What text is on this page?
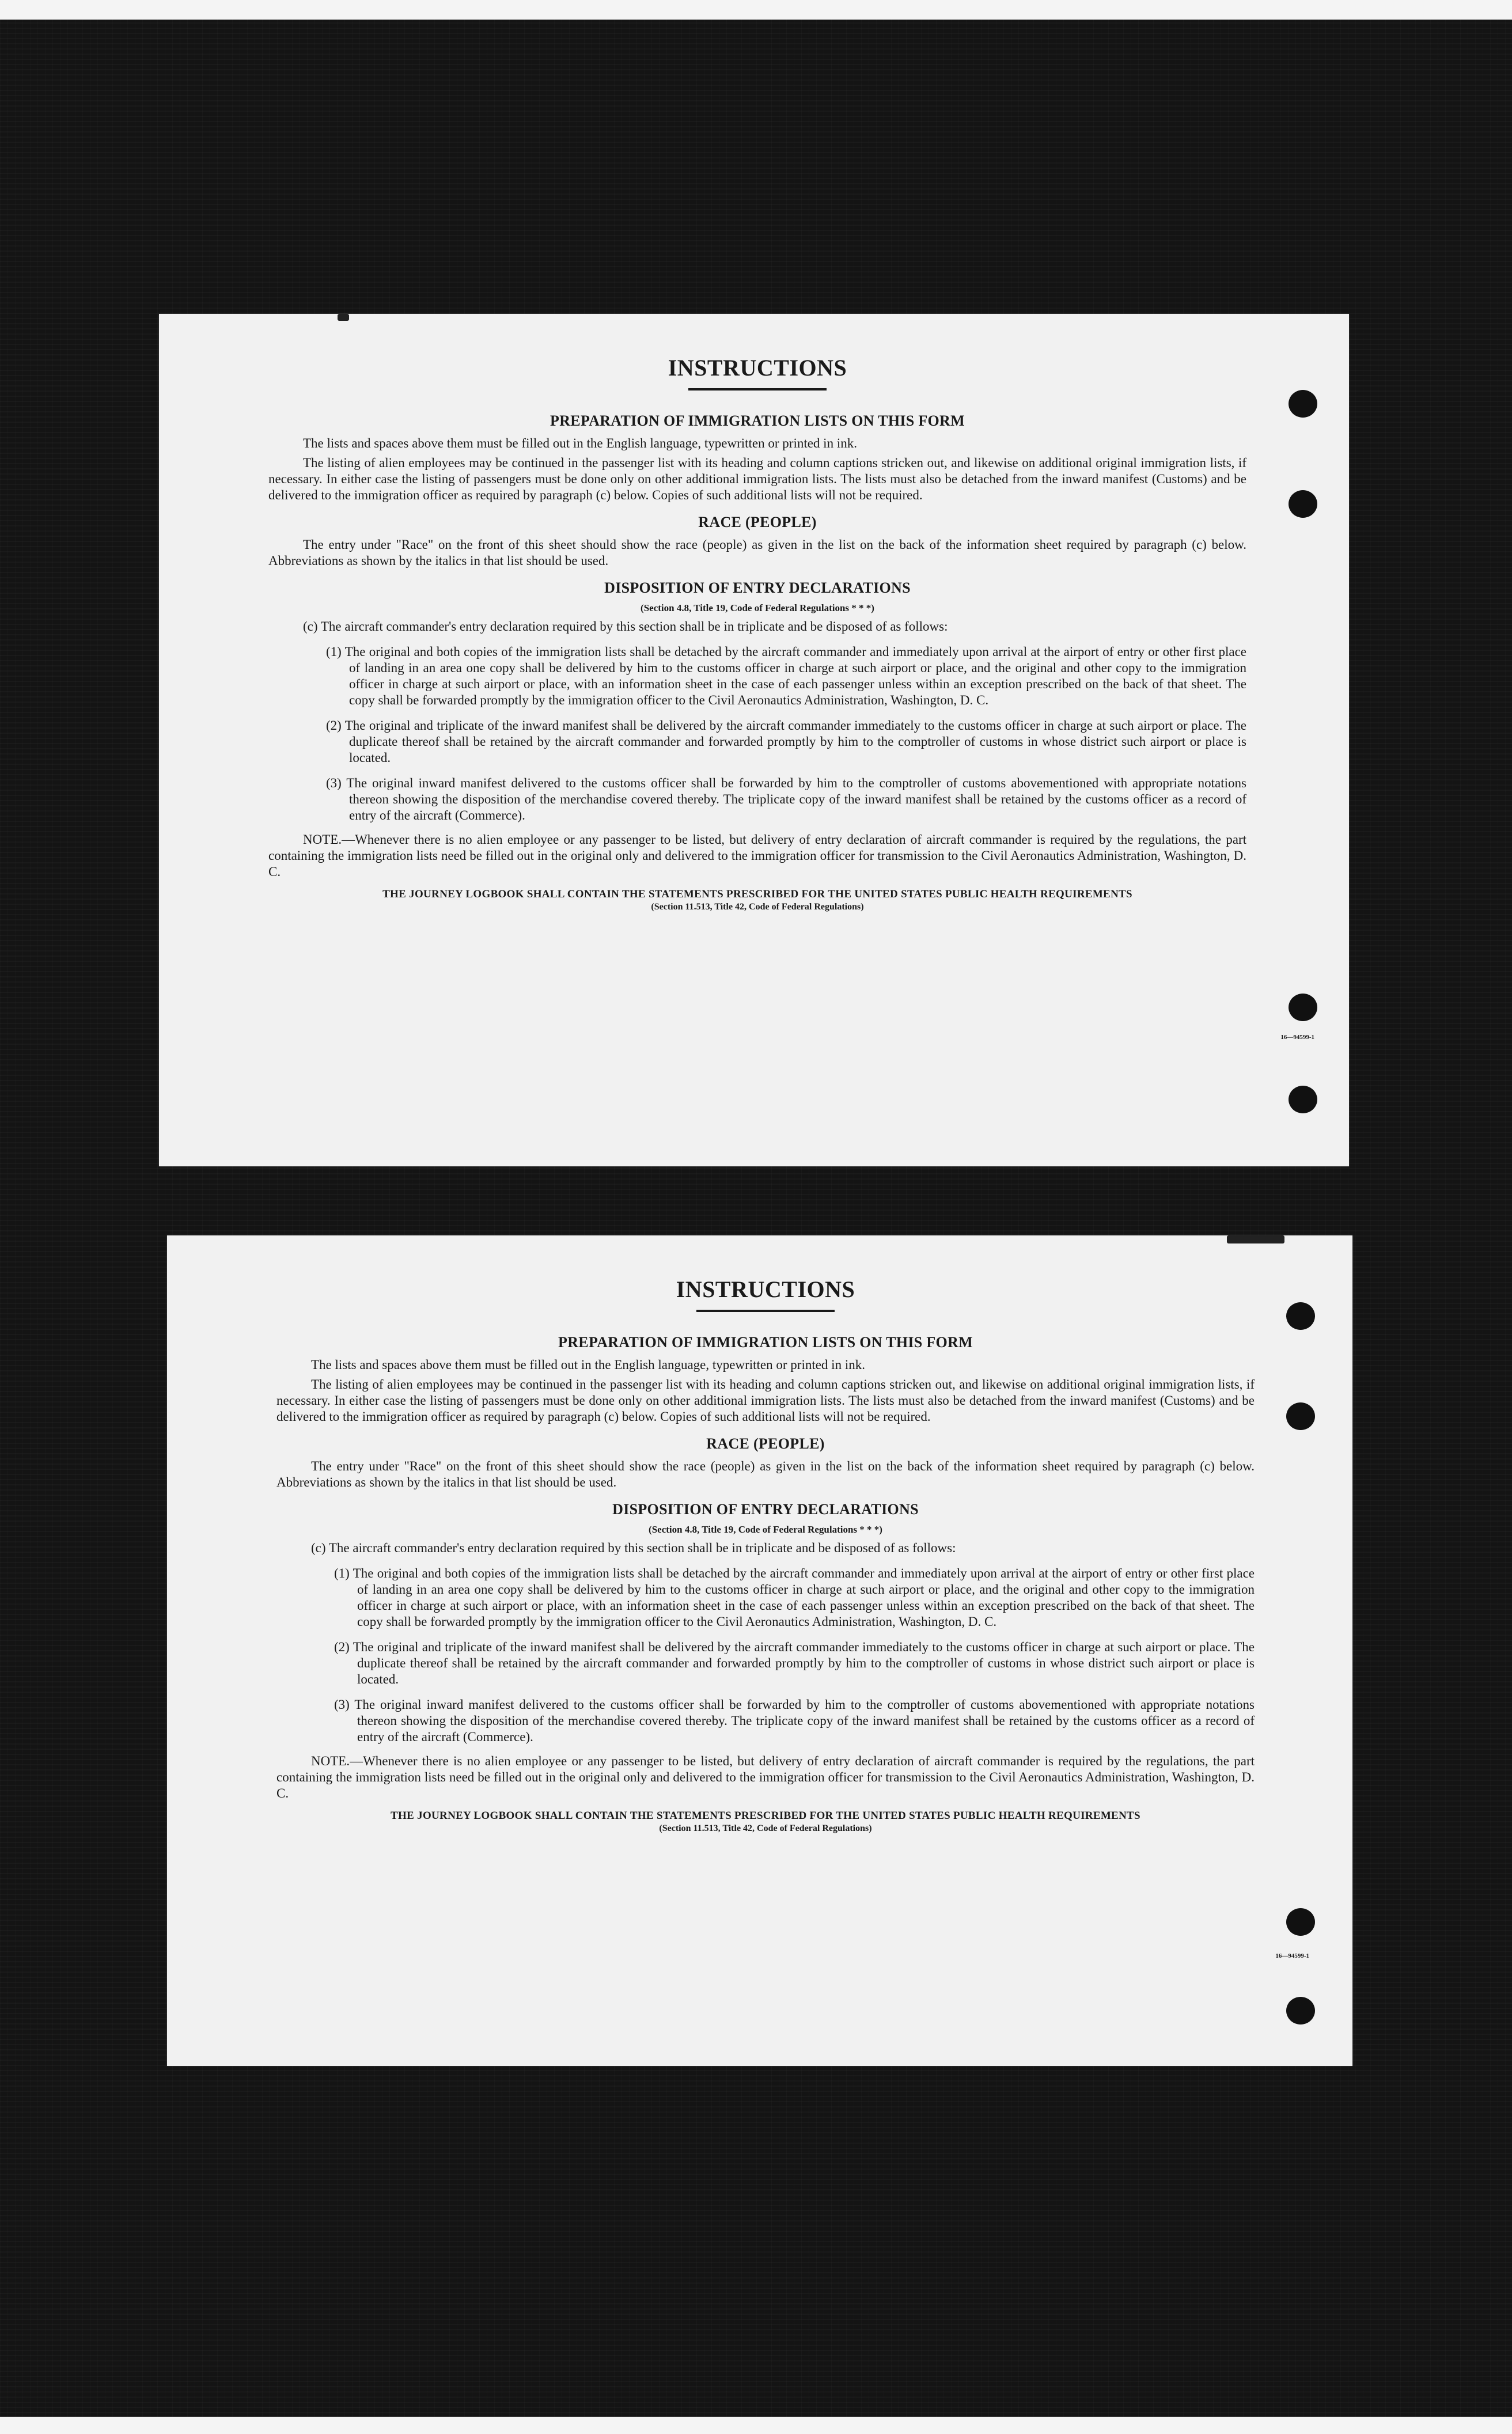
INSTRUCTIONS
PREPARATION OF IMMIGRATION LISTS ON THIS FORM

The lists and spaces above them must be filled out in the English language, typewritten or printed in ink.

The listing of alien employees may be continued in the passenger list with its heading and column captions stricken out, and likewise on additional original immigration lists, if necessary. In either case the listing of passengers must be done only on other additional immigration lists. The lists must also be detached from the inward manifest (Customs) and be delivered to the immigration officer as required by paragraph (c) below. Copies of such additional lists will not be required.

RACE (PEOPLE)

The entry under "Race" on the front of this sheet should show the race (people) as given in the list on the back of the information sheet required by paragraph (c) below. Abbreviations as shown by the italics in that list should be used.

DISPOSITION OF ENTRY DECLARATIONS
(Section 4.8, Title 19, Code of Federal Regulations * * *)

(c) The aircraft commander's entry declaration required by this section shall be in triplicate and be disposed of as follows:

(1) The original and both copies of the immigration lists shall be detached by the aircraft commander and immediately upon arrival at the airport of entry or other first place of landing in an area one copy shall be delivered by him to the customs officer in charge at such airport or place, and the original and other copy to the immigration officer in charge at such airport or place, with an information sheet in the case of each passenger unless within an exception prescribed on the back of that sheet. The copy shall be forwarded promptly by the immigration officer to the Civil Aeronautics Administration, Washington, D. C.

(2) The original and triplicate of the inward manifest shall be delivered by the aircraft commander immediately to the customs officer in charge at such airport or place. The duplicate thereof shall be retained by the aircraft commander and forwarded promptly by him to the comptroller of customs in whose district such airport or place is located.

(3) The original inward manifest delivered to the customs officer shall be forwarded by him to the comptroller of customs abovementioned with appropriate notations thereon showing the disposition of the merchandise covered thereby. The triplicate copy of the inward manifest shall be retained by the customs officer as a record of entry of the aircraft (Commerce).

NOTE.—Whenever there is no alien employee or any passenger to be listed, but delivery of entry declaration of aircraft commander is required by the regulations, the part containing the immigration lists need be filled out in the original only and delivered to the immigration officer for transmission to the Civil Aeronautics Administration, Washington, D. C.

THE JOURNEY LOGBOOK SHALL CONTAIN THE STATEMENTS PRESCRIBED FOR THE UNITED STATES PUBLIC HEALTH REQUIREMENTS
(Section 11.513, Title 42, Code of Federal Regulations)
16—94599-1
INSTRUCTIONS
PREPARATION OF IMMIGRATION LISTS ON THIS FORM

The lists and spaces above them must be filled out in the English language, typewritten or printed in ink.

The listing of alien employees may be continued in the passenger list with its heading and column captions stricken out, and likewise on additional original immigration lists, if necessary. In either case the listing of passengers must be done only on other additional immigration lists. The lists must also be detached from the inward manifest (Customs) and be delivered to the immigration officer as required by paragraph (c) below. Copies of such additional lists will not be required.

RACE (PEOPLE)

The entry under "Race" on the front of this sheet should show the race (people) as given in the list on the back of the information sheet required by paragraph (c) below. Abbreviations as shown by the italics in that list should be used.

DISPOSITION OF ENTRY DECLARATIONS
(Section 4.8, Title 19, Code of Federal Regulations * * *)

(c) The aircraft commander's entry declaration required by this section shall be in triplicate and be disposed of as follows:

(1) The original and both copies of the immigration lists shall be detached by the aircraft commander and immediately upon arrival at the airport of entry or other first place of landing in an area one copy shall be delivered by him to the customs officer in charge at such airport or place, and the original and other copy to the immigration officer in charge at such airport or place, with an information sheet in the case of each passenger unless within an exception prescribed on the back of that sheet. The copy shall be forwarded promptly by the immigration officer to the Civil Aeronautics Administration, Washington, D. C.

(2) The original and triplicate of the inward manifest shall be delivered by the aircraft commander immediately to the customs officer in charge at such airport or place. The duplicate thereof shall be retained by the aircraft commander and forwarded promptly by him to the comptroller of customs in whose district such airport or place is located.

(3) The original inward manifest delivered to the customs officer shall be forwarded by him to the comptroller of customs abovementioned with appropriate notations thereon showing the disposition of the merchandise covered thereby. The triplicate copy of the inward manifest shall be retained by the customs officer as a record of entry of the aircraft (Commerce).

NOTE.—Whenever there is no alien employee or any passenger to be listed, but delivery of entry declaration of aircraft commander is required by the regulations, the part containing the immigration lists need be filled out in the original only and delivered to the immigration officer for transmission to the Civil Aeronautics Administration, Washington, D. C.

THE JOURNEY LOGBOOK SHALL CONTAIN THE STATEMENTS PRESCRIBED FOR THE UNITED STATES PUBLIC HEALTH REQUIREMENTS
(Section 11.513, Title 42, Code of Federal Regulations)
16—94599-1
